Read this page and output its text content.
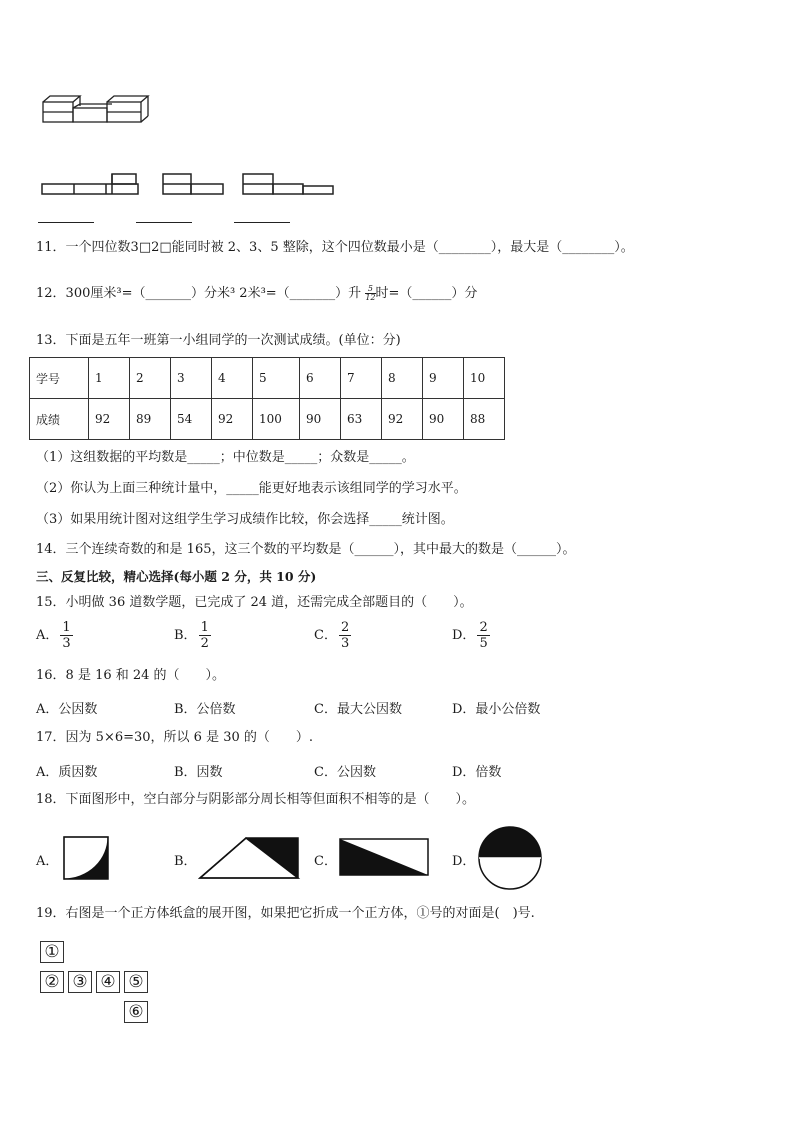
11．一个四位数3□2□能同时被 2、3、5 整除，这个四位数最小是（________），最大是（________）。
12．300厘米³=（_______）分米³ 2米³=（_______）升 $\frac{5}{12}$时=（______）分
13．下面是五年一班第一小组同学的一次测试成绩。(单位：分)
学号	1	2	3	4	5	6	7	8	9	10
成绩	92	89	54	92	100	90	63	92	90	88
（1）这组数据的平均数是_____；中位数是_____；众数是_____。
（2）你认为上面三种统计量中，_____能更好地表示该组同学的学习水平。
（3）如果用统计图对这组学生学习成绩作比较，你会选择_____统计图。
14．三个连续奇数的和是 165，这三个数的平均数是（______），其中最大的数是（______）。
三、反复比较，精心选择(每小题 2 分，共 10 分)
15．小明做 36 道数学题，已完成了 24 道，还需完成全部题目的（　　）。
A． $\frac{1}{3}$	B． $\frac{1}{2}$	C． $\frac{2}{3}$	D． $\frac{2}{5}$
16．8 是 16 和 24 的（　　）。
A．公因数	B．公倍数	C．最大公因数	D．最小公倍数
17．因为 5×6=30，所以 6 是 30 的（　　）.
A．质因数	B．因数	C．公因数	D．倍数
18．下面图形中，空白部分与阴影部分周长相等但面积不相等的是（　　）。
A．	B．	C．	D．
19．右图是一个正方体纸盒的展开图，如果把它折成一个正方体，①号的对面是(　)号.
①
② ③ ④ ⑤
⑥
